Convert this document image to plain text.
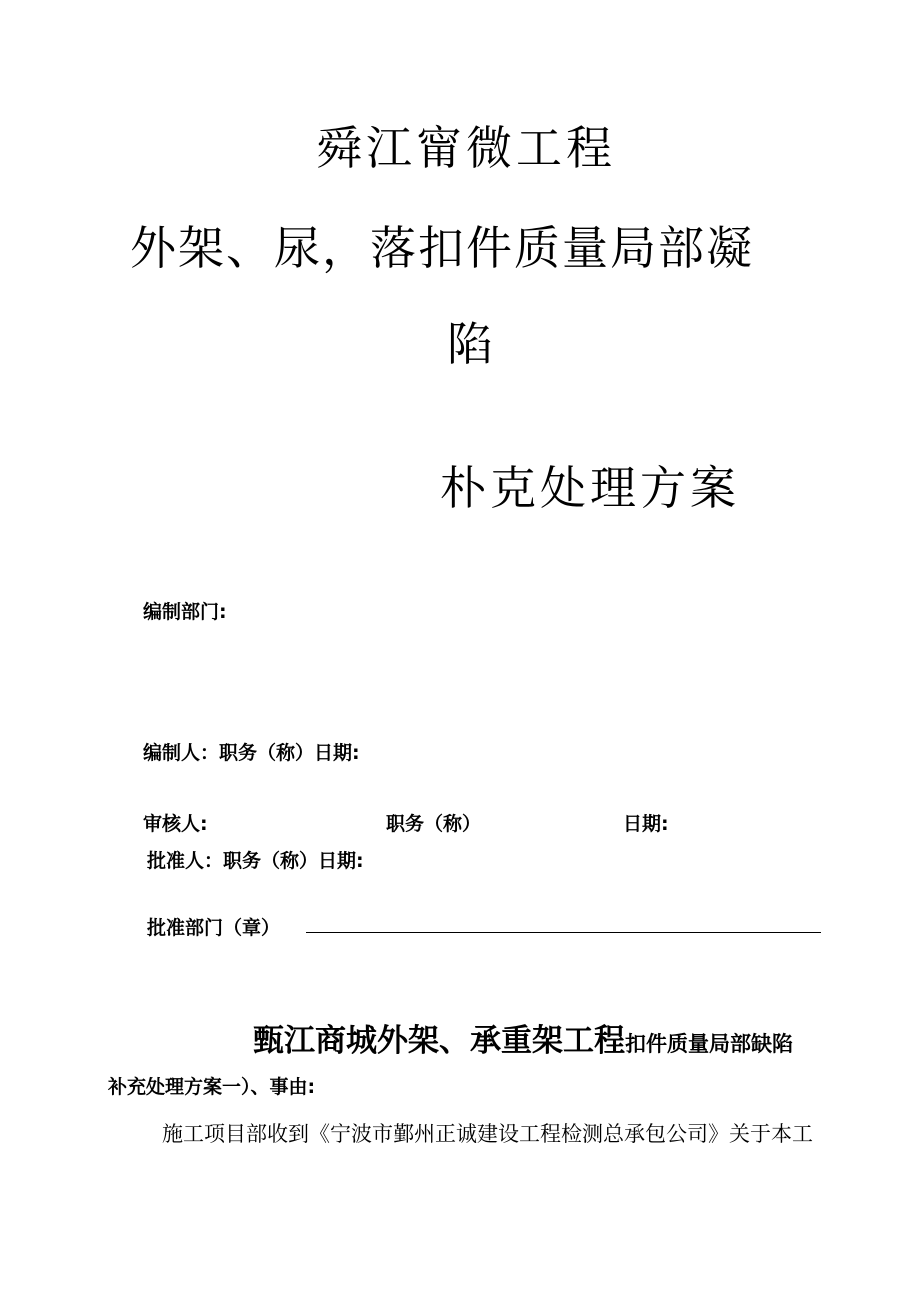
舜江甯微工程
外架、尿，落扣件质量局部凝
陷
朴克处理方案
编制部门:
编制人：职务（称）日期:
审核人:	职务（称）	日期:
批准人：职务（称）日期:
批准部门（章）
甄江商城外架、承重架工程扣件质量局部缺陷
补充处理方案一）、事由:
施工项目部收到《宁波市鄞州正诚建设工程检测总承包公司》关于本工
